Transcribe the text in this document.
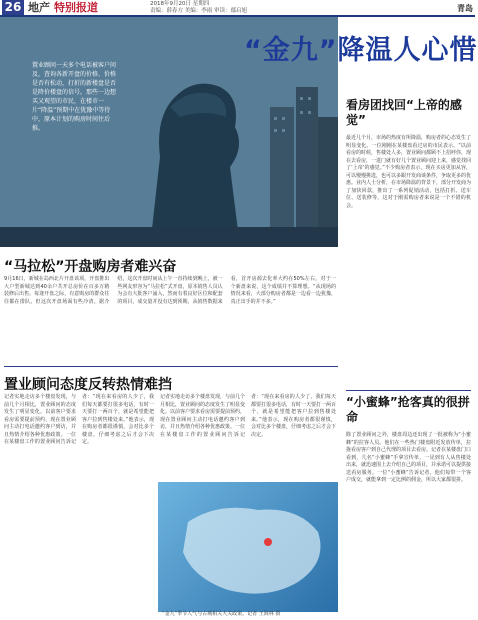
26 地产 特别报道	2018年9月20日 星期四
责编：薛春方 美编：李雨 审读：鄢启旭	青岛
置业顾问一天多个电话被客户问及，查询各新开盘的价格、价格是否有松动，打折的新楼盘是否是降价楼盘的信号。那些一边想买又观望的市民，在楼市一片“降温”预期中在犹豫中等待中，原本计划的购房时间往后推。
房屋销控之下，楼市变化莫测。 资料图片
“金九”降温人心惜
看房团找回“上帝的感觉”
最近几个月，市场的热度有所降温，购房者的心态发生了明显变化。一位刚刚在某楼盘看过房的市民表示，“以前看房的时候，售楼处人多，置业顾问都顾不上招呼你，现在去看房，一进门就有好几个置业顾问迎上来，感觉找回了‘上帝’的感觉。”不少购房者表示，现在买房更加从容，可以慢慢挑选，也可以多跟开发商谈条件，争取更多的优惠。业内人士分析，在市场降温的背景下，部分开发商为了加快回款，推出了一系列促销活动，包括打折、送车位、送装修等，这对于刚需购房者来说是一个不错的机会。
“小蜜蜂”抢客真的很拼命
除了置业顾问之外，楼盘周边还出现了一批被称为“小蜜蜂”的拉客人员。他们在一些热门楼盘附近发放传单，拉拢看房客户到自己代理的项目去看房。记者在某楼盘门口看到，几名“小蜜蜂”手拿宣传单，一见到有人从售楼处出来，就迅速围上去介绍自己的项目，并承诺可以提供接送看房服务。一位“小蜜蜂”告诉记者，他们每带一个客户成交，就能拿到一定比例的佣金，所以大家都很拼。
“马拉松”开盘购房者难兴奋
9月16日，新城在岛西北片开盘该项，开盘推出大户型新城达到40余户共开总房价在百多万精装修后出售。每逢开盘之际，有意购房的群众往往都在排队。但这次开盘场面有些冷清。据介绍，这次开盘时间从上午一直持续到晚上，被一些网友形容为“马拉松”式开盘，原本销售人员认为会有大批客户涌入，然而有着良好区位和配套的项目，成交量并没有达到预期。从销售数据来看，首开房源去化率大约在50%左右，对于一个新盘来说，这个成绩并不算理想。“从现场的情况来看，大部分购房者都是一边看一边犹豫，真正出手的并不多。”
置业顾问态度反转热情难挡
记者实地走访多个楼盘发现，与前几个月相比，置业顾问的态度发生了明显变化。以前客户要求看房需要提前预约，现在置业顾问主动打电话邀约客户到访，并且热情介绍各种优惠政策。一位在某楼盘工作的置业顾问告诉记者：“现在来看房的人少了，我们每天都要打很多电话，有时一天要打一两百个，就是希望能把客户拉到售楼处来。”他表示，现在购房者都很谨慎，会对比多个楼盘，仔细考虑之后才会下决定。
记者实地走访多个楼盘发现，与前几个月相比，置业顾问的态度发生了明显变化。以前客户要求看房需要提前预约，现在置业顾问主动打电话邀约客户到访，并且热情介绍各种优惠政策。一位在某楼盘工作的置业顾问告诉记者：“现在来看房的人少了，我们每天都要打很多电话，有时一天要打一两百个，就是希望能把客户拉到售楼处来。”他表示，现在购房者都很谨慎，会对比多个楼盘，仔细考虑之后才会下决定。
“金九”季节人气与古城相关大关政策。记者 王海林 摄
